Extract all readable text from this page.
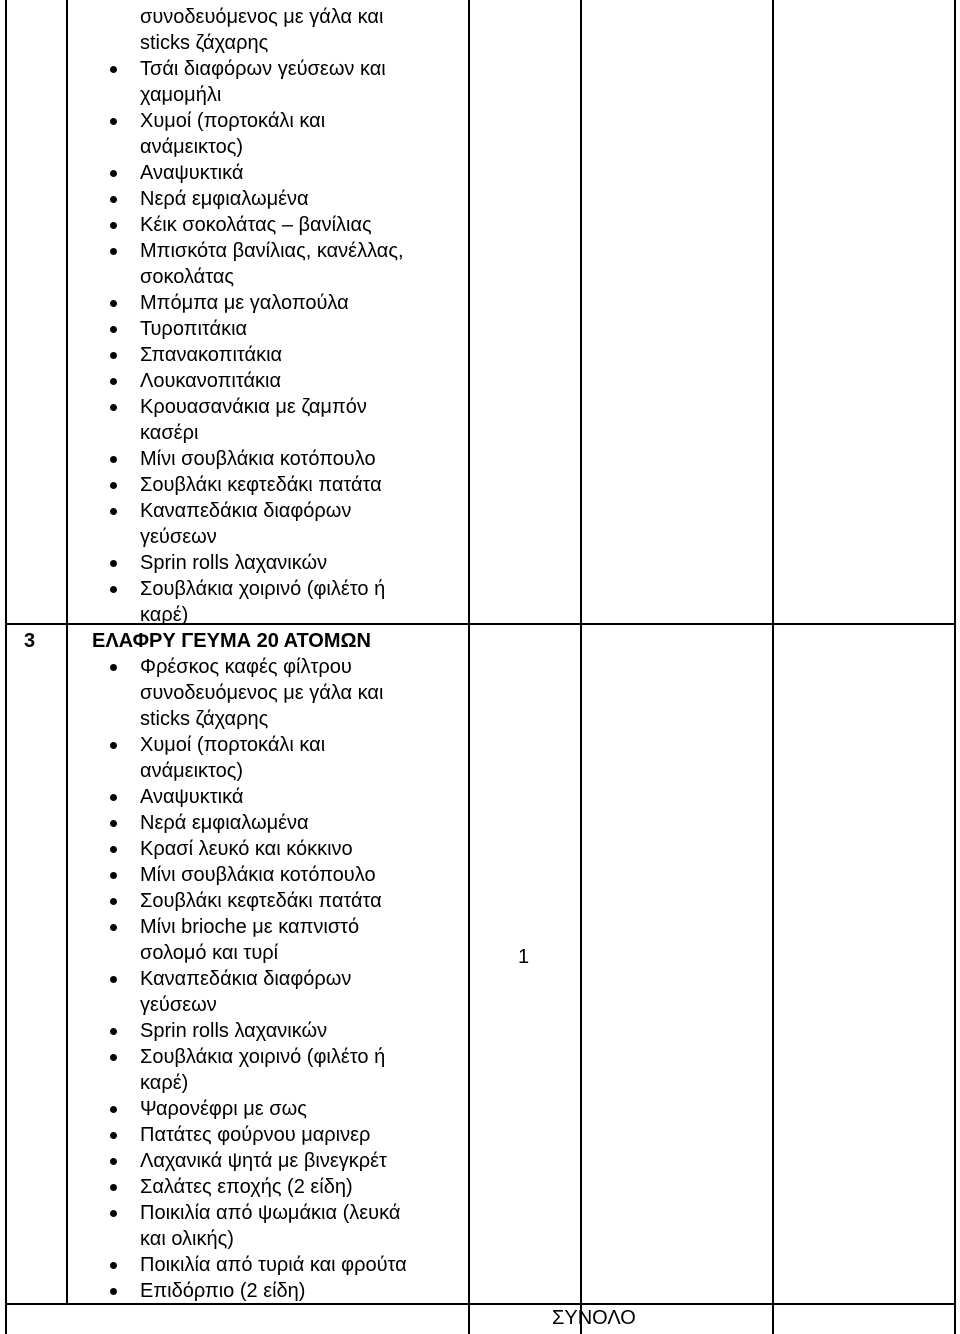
συνοδευόμενος με γάλα και
sticks ζάχαρης
Τσάι διαφόρων γεύσεων και
χαμομήλι
Χυμοί (πορτοκάλι και
ανάμεικτος)
Αναψυκτικά
Νερά εμφιαλωμένα
Κέικ σοκολάτας – βανίλιας
Μπισκότα βανίλιας, κανέλλας,
σοκολάτας
Μπόμπα με γαλοπούλα
Τυροπιτάκια
Σπανακοπιτάκια
Λουκανοπιτάκια
Κρουασανάκια με ζαμπόν
κασέρι
Μίνι σουβλάκια κοτόπουλο
Σουβλάκι κεφτεδάκι πατάτα
Καναπεδάκια διαφόρων
γεύσεων
Sprin rolls λαχανικών
Σουβλάκια χοιρινό (φιλέτο ή
καρέ)
Φρέσκος καφές φίλτρου
συνοδευόμενος με γάλα και
sticks ζάχαρης
Χυμοί (πορτοκάλι και
ανάμεικτος)
Αναψυκτικά
Νερά εμφιαλωμένα
Κρασί λευκό και κόκκινο
Μίνι σουβλάκια κοτόπουλο
Σουβλάκι κεφτεδάκι πατάτα
Μίνι brioche με καπνιστό
σολομό και τυρί
Καναπεδάκια διαφόρων
γεύσεων
Sprin rolls λαχανικών
Σουβλάκια χοιρινό (φιλέτο ή
καρέ)
Ψαρονέφρι με σως
Πατάτες φούρνου μαρινερ
Λαχανικά ψητά με βινεγκρέτ
Σαλάτες εποχής (2 είδη)
Ποικιλία από ψωμάκια (λευκά
και ολικής)
Ποικιλία από τυριά και φρούτα
Επιδόρπιο (2 είδη)
3	ΕΛΑΦΡΥ ΓΕΥΜΑ 20 ΑΤΟΜΩΝ
1
ΣΥΝΟΛΟ
